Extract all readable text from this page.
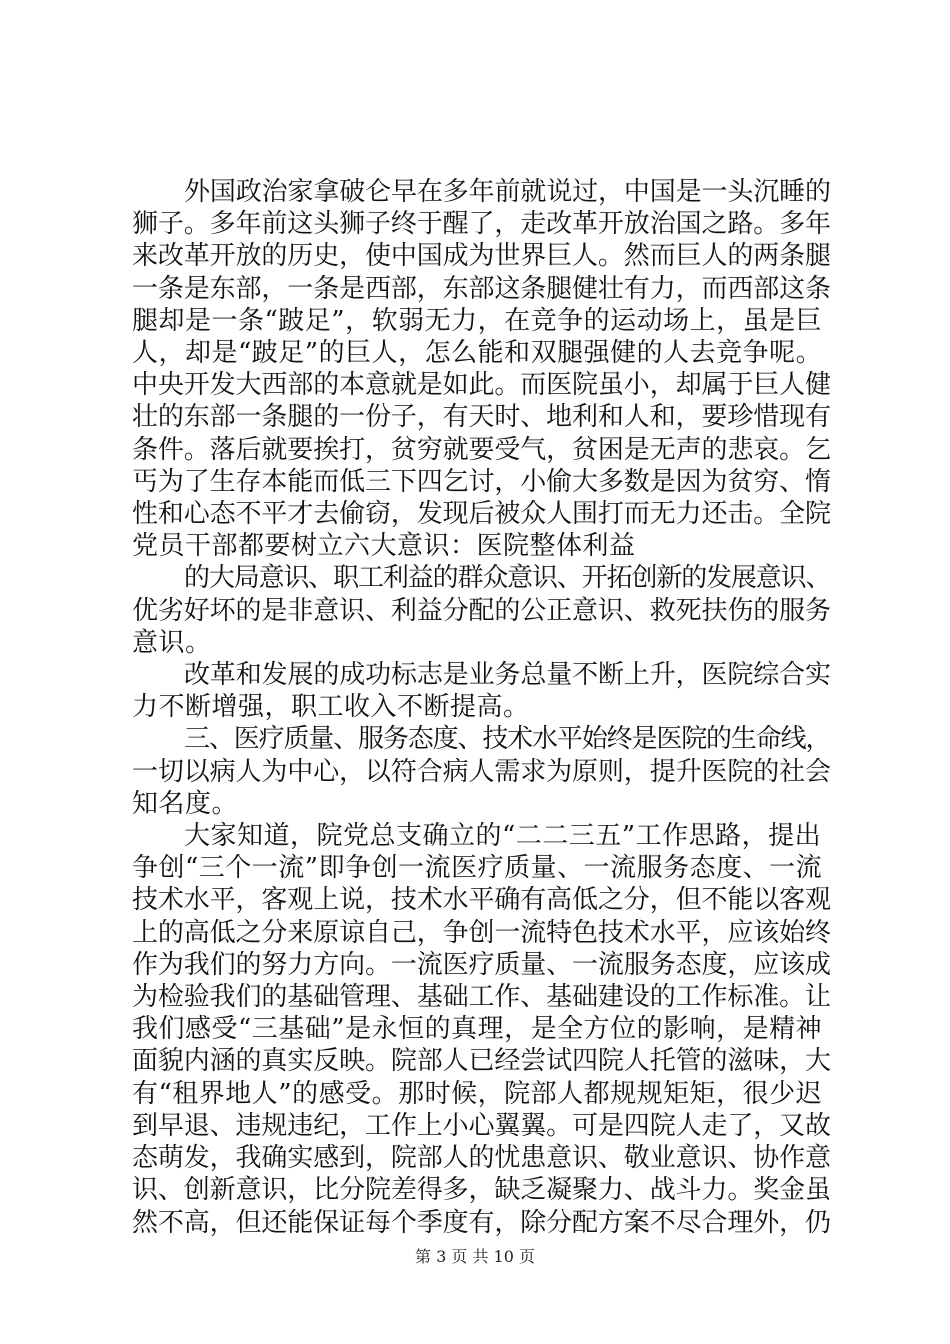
外国政治家拿破仑早在多年前就说过，中国是一头沉睡的
狮子。多年前这头狮子终于醒了，走改革开放治国之路。多年
来改革开放的历史，使中国成为世界巨人。然而巨人的两条腿
一条是东部，一条是西部，东部这条腿健壮有力，而西部这条
腿却是一条“跛足”，软弱无力，在竞争的运动场上，虽是巨
人，却是“跛足”的巨人，怎么能和双腿强健的人去竞争呢。
中央开发大西部的本意就是如此。而医院虽小，却属于巨人健
壮的东部一条腿的一份子，有天时、地利和人和，要珍惜现有
条件。落后就要挨打，贫穷就要受气，贫困是无声的悲哀。乞
丐为了生存本能而低三下四乞讨，小偷大多数是因为贫穷、惰
性和心态不平才去偷窃，发现后被众人围打而无力还击。全院
党员干部都要树立六大意识：医院整体利益

的大局意识、职工利益的群众意识、开拓创新的发展意识、
优劣好坏的是非意识、利益分配的公正意识、救死扶伤的服务
意识。

改革和发展的成功标志是业务总量不断上升，医院综合实
力不断增强，职工收入不断提高。

三、医疗质量、服务态度、技术水平始终是医院的生命线，
一切以病人为中心，以符合病人需求为原则，提升医院的社会
知名度。

大家知道，院党总支确立的“二二三五”工作思路，提出
争创“三个一流”即争创一流医疗质量、一流服务态度、一流
技术水平，客观上说，技术水平确有高低之分，但不能以客观
上的高低之分来原谅自己，争创一流特色技术水平，应该始终
作为我们的努力方向。一流医疗质量、一流服务态度，应该成
为检验我们的基础管理、基础工作、基础建设的工作标准。让
我们感受“三基础”是永恒的真理，是全方位的影响，是精神
面貌内涵的真实反映。院部人已经尝试四院人托管的滋味，大
有“租界地人”的感受。那时候，院部人都规规矩矩，很少迟
到早退、违规违纪，工作上小心翼翼。可是四院人走了，又故
态萌发，我确实感到，院部人的忧患意识、敬业意识、协作意
识、创新意识，比分院差得多，缺乏凝聚力、战斗力。奖金虽
然不高，但还能保证每个季度有，除分配方案不尽合理外，仍

第 3 页 共 10 页
